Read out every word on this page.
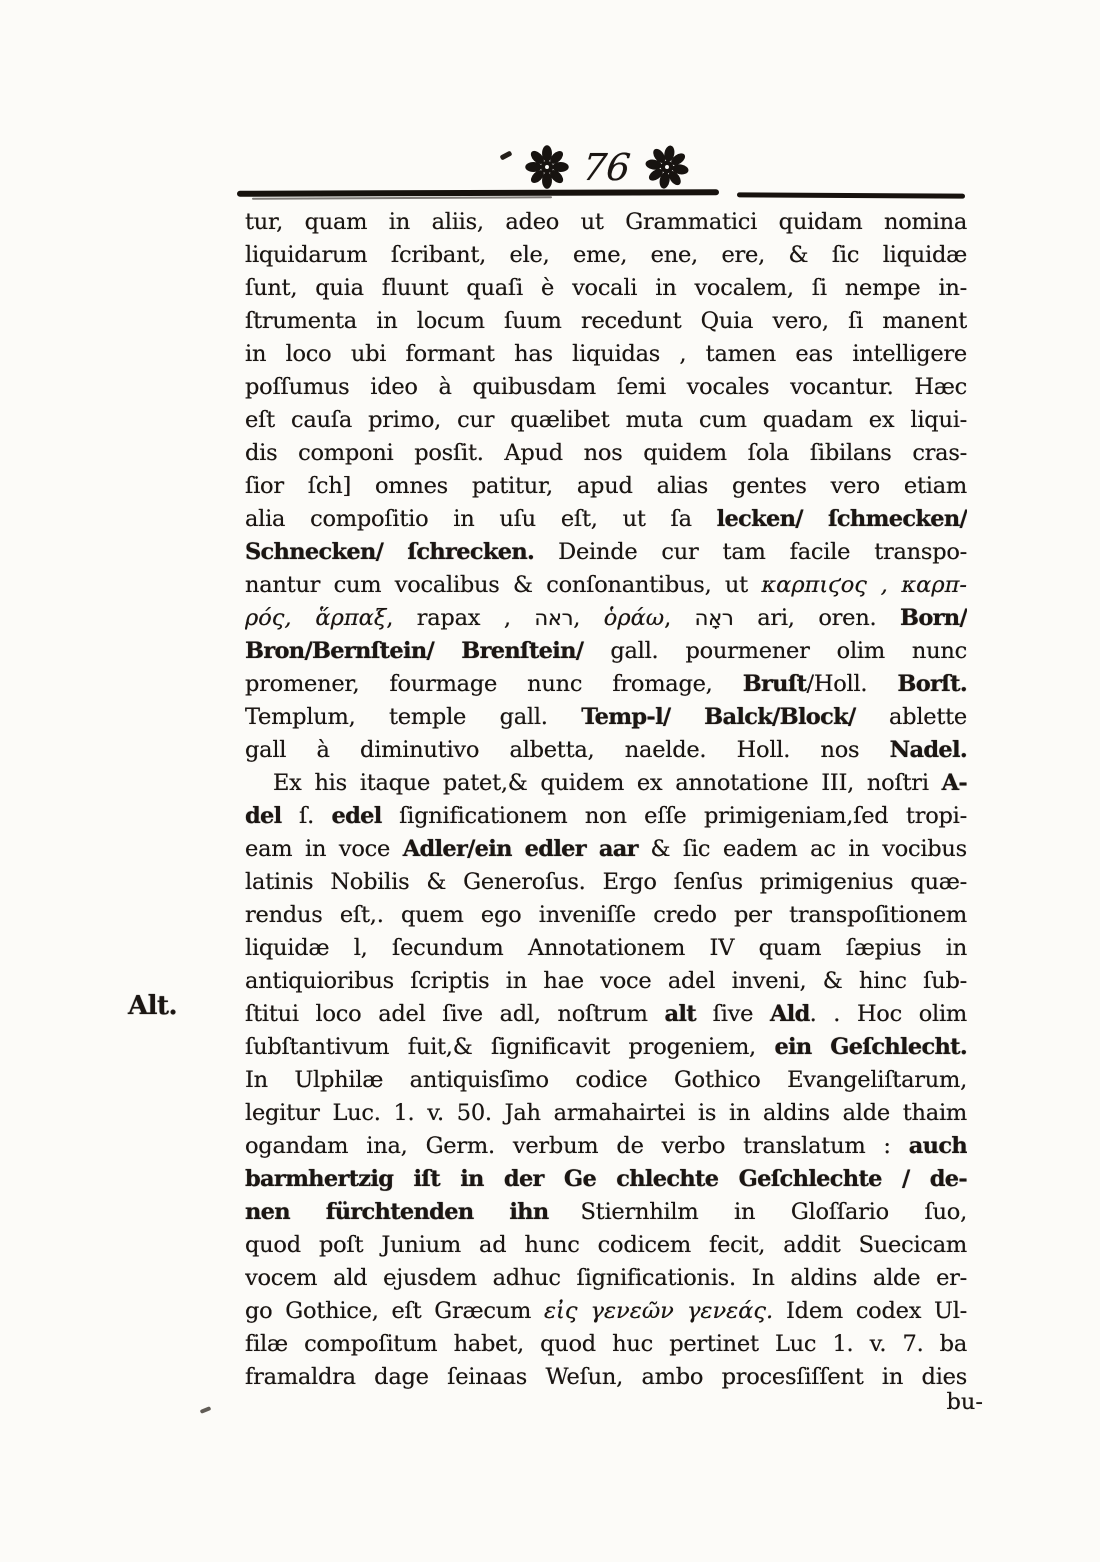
76
Alt.
tur, quam in aliis, adeo ut Grammatici quidam nomina
liquidarum ſcribant, ele, eme, ene, ere, & ſic liquidæ
ſunt, quia fluunt quaſi è vocali in vocalem, ſi nempe in-
ſtrumenta in locum ſuum recedunt Quia vero, ſi manent
in loco ubi formant has liquidas , tamen eas intelligere
poſſumus ideo à quibusdam ſemi vocales vocantur. Hæc
eſt cauſa primo, cur quælibet muta cum quadam ex liqui-
dis componi posſit. Apud nos quidem ſola ſibilans cras-
ſior ſch] omnes patitur, apud alias gentes vero etiam
alia compoſitio in uſu eſt, ut ſa lecken/ ſchmecken/
Schnecken/ ſchrecken. Deinde cur tam facile transpo-
nantur cum vocalibus & conſonantibus, ut καρπιϛος , καρπ-
ρός, ἅρπαξ, rapax , ראה, ὁράω, ראָה ari, oren. Born/
Bron/Bernſtein/ Brenſtein/ gall. pourmener olim nunc
promener, fourmage nunc fromage, Bruſt/Holl. Borſt.
Templum, temple gall. Temp-l/ Balck/Block/ ablette
gall à diminutivo albetta, naelde. Holl. nos Nadel.
Ex his itaque patet,& quidem ex annotatione III, noſtri A-
del ſ. edel ſignificationem non eſſe primigeniam,ſed tropi-
eam in voce Adler/ein edler aar & ſic eadem ac in vocibus
latinis Nobilis & Generoſus. Ergo ſenſus primigenius quæ-
rendus eſt,. quem ego inveniſſe credo per transpoſitionem
liquidæ l, ſecundum Annotationem IV quam ſæpius in
antiquioribus ſcriptis in hae voce adel inveni, & hinc ſub-
ſtitui loco adel ſive adl, noſtrum alt ſive Ald. . Hoc olim
ſubſtantivum fuit,& ſignificavit progeniem, ein Geſchlecht.
In Ulphilæ antiquisſimo codice Gothico Evangeliſtarum,
legitur Luc. 1. v. 50. Jah armahairtei is in aldins alde thaim
ogandam ina, Germ. verbum de verbo translatum : auch
barmhertzig iſt in der Ge chlechte Geſchlechte / de-
nen fürchtenden ihn Stiernhilm in Gloſſario ſuo,
quod poſt Junium ad hunc codicem fecit, addit Suecicam
vocem ald ejusdem adhuc ſignificationis. In aldins alde er-
go Gothice, eſt Græcum εἰς γενεῶν γενεάς. Idem codex Ul-
filæ compoſitum habet, quod huc pertinet Luc 1. v. 7. ba
framaldra dage ſeinaas Weſun, ambo procesſiſſent in dies
bu-
